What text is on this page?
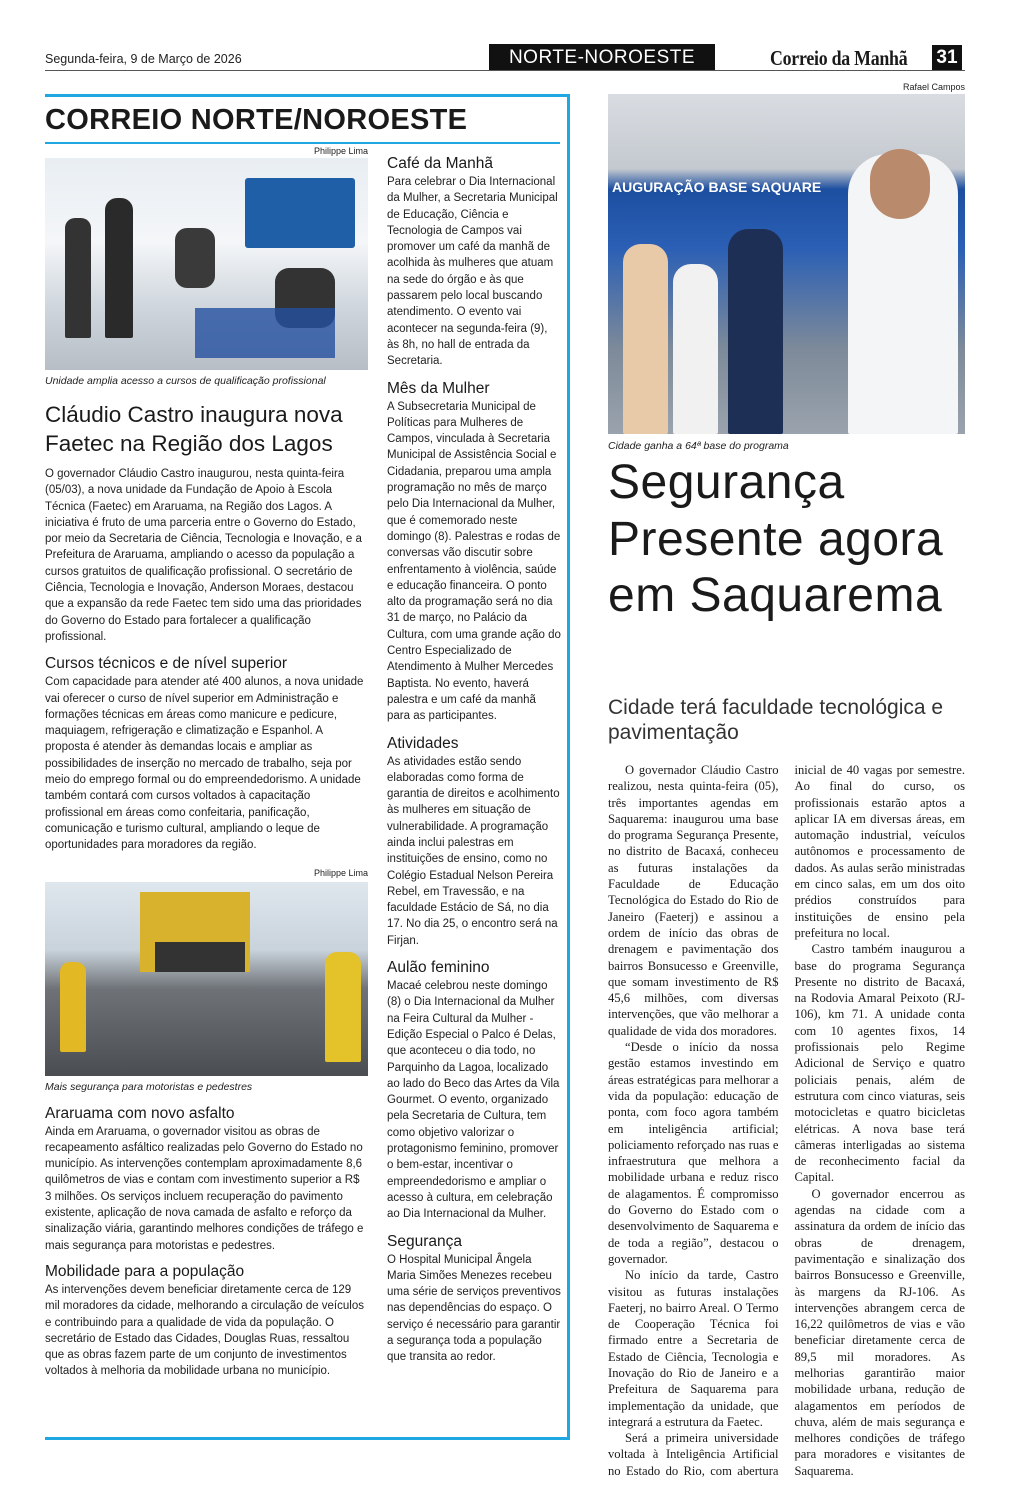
Segunda-feira, 9 de Março de 2026	NORTE-NOROESTE	Correio da Manhã 31
CORREIO NORTE/NOROESTE
Philippe Lima
Unidade amplia acesso a cursos de qualificação profissional
Cláudio Castro inaugura nova Faetec na Região dos Lagos

O governador Cláudio Castro inaugurou, nesta quinta-feira (05/03), a nova unidade da Fundação de Apoio à Escola Técnica (Faetec) em Araruama, na Região dos Lagos. A iniciativa é fruto de uma parceria entre o Governo do Estado, por meio da Secretaria de Ciência, Tecnologia e Inovação, e a Prefeitura de Araruama, ampliando o acesso da população a cursos gratuitos de qualificação profissional. O secretário de Ciência, Tecnologia e Inovação, Anderson Moraes, destacou que a expansão da rede Faetec tem sido uma das prioridades do Governo do Estado para fortalecer a qualificação profissional.

Cursos técnicos e de nível superior

Com capacidade para atender até 400 alunos, a nova unidade vai oferecer o curso de nível superior em Administração e formações técnicas em áreas como manicure e pedicure, maquiagem, refrigeração e climatização e Espanhol. A proposta é atender às demandas locais e ampliar as possibilidades de inserção no mercado de trabalho, seja por meio do emprego formal ou do empreendedorismo. A unidade também contará com cursos voltados à capacitação profissional em áreas como confeitaria, panificação, comunicação e turismo cultural, ampliando o leque de oportunidades para moradores da região.

Philippe Lima
Mais segurança para motoristas e pedestres
Araruama com novo asfalto

Ainda em Araruama, o governador visitou as obras de recapeamento asfáltico realizadas pelo Governo do Estado no município. As intervenções contemplam aproximadamente 8,6 quilômetros de vias e contam com investimento superior a R$ 3 milhões. Os serviços incluem recuperação do pavimento existente, aplicação de nova camada de asfalto e reforço da sinalização viária, garantindo melhores condições de tráfego e mais segurança para motoristas e pedestres.

Mobilidade para a população

As intervenções devem beneficiar diretamente cerca de 129 mil moradores da cidade, melhorando a circulação de veículos e contribuindo para a qualidade de vida da população. O secretário de Estado das Cidades, Douglas Ruas, ressaltou que as obras fazem parte de um conjunto de investimentos voltados à melhoria da mobilidade urbana no município.

Café da Manhã

Para celebrar o Dia Internacional da Mulher, a Secretaria Municipal de Educação, Ciência e Tecnologia de Campos vai promover um café da manhã de acolhida às mulheres que atuam na sede do órgão e às que passarem pelo local buscando atendimento. O evento vai acontecer na segunda-feira (9), às 8h, no hall de entrada da Secretaria.

Mês da Mulher

A Subsecretaria Municipal de Políticas para Mulheres de Campos, vinculada à Secretaria Municipal de Assistência Social e Cidadania, preparou uma ampla programação no mês de março pelo Dia Internacional da Mulher, que é comemorado neste domingo (8). Palestras e rodas de conversas vão discutir sobre enfrentamento à violência, saúde e educação financeira. O ponto alto da programação será no dia 31 de março, no Palácio da Cultura, com uma grande ação do Centro Especializado de Atendimento à Mulher Mercedes Baptista. No evento, haverá palestra e um café da manhã para as participantes.

Atividades

As atividades estão sendo elaboradas como forma de garantia de direitos e acolhimento às mulheres em situação de vulnerabilidade. A programação ainda inclui palestras em instituições de ensino, como no Colégio Estadual Nelson Pereira Rebel, em Travessão, e na faculdade Estácio de Sá, no dia 17. No dia 25, o encontro será na Firjan.

Aulão feminino

Macaé celebrou neste domingo (8) o Dia Internacional da Mulher na Feira Cultural da Mulher - Edição Especial o Palco é Delas, que aconteceu o dia todo, no Parquinho da Lagoa, localizado ao lado do Beco das Artes da Vila Gourmet. O evento, organizado pela Secretaria de Cultura, tem como objetivo valorizar o protagonismo feminino, promover o bem-estar, incentivar o empreendedorismo e ampliar o acesso à cultura, em celebração ao Dia Internacional da Mulher.

Segurança

O Hospital Municipal Ângela Maria Simões Menezes recebeu uma série de serviços preventivos nas dependências do espaço. O serviço é necessário para garantir a segurança toda a população que transita ao redor.

Rafael Campos
AUGURAÇÃO BASE SAQUARE
Cidade ganha a 64ª base do programa
Segurança Presente agora em Saquarema
Cidade terá faculdade tecnológica e pavimentação

O governador Cláudio Castro realizou, nesta quinta-feira (05), três importantes agendas em Saquarema: inaugurou uma base do programa Segurança Presente, no distrito de Bacaxá, conheceu as futuras instalações da Faculdade de Educação Tecnológica do Estado do Rio de Janeiro (Faeterj) e assinou a ordem de início das obras de drenagem e pavimentação dos bairros Bonsucesso e Greenville, que somam investimento de R$ 45,6 milhões, com diversas intervenções, que vão melhorar a qualidade de vida dos moradores.

“Desde o início da nossa gestão estamos investindo em áreas estratégicas para melhorar a vida da população: educação de ponta, com foco agora também em inteligência artificial; policiamento reforçado nas ruas e infraestrutura que melhora a mobilidade urbana e reduz risco de alagamentos. É compromisso do Governo do Estado com o desenvolvimento de Saquarema e de toda a região”, destacou o governador.

No início da tarde, Castro visitou as futuras instalações Faeterj, no bairro Areal. O Termo de Cooperação Técnica foi firmado entre a Secretaria de Estado de Ciência, Tecnologia e Inovação do Rio de Janeiro e a Prefeitura de Saquarema para implementação da unidade, que integrará a estrutura da Faetec.

Será a primeira universidade voltada à Inteligência Artificial no Estado do Rio, com abertura inicial de 40 vagas por semestre. Ao final do curso, os profissionais estarão aptos a aplicar IA em diversas áreas, em automação industrial, veículos autônomos e processamento de dados. As aulas serão ministradas em cinco salas, em um dos oito prédios construídos para instituições de ensino pela prefeitura no local.

Castro também inaugurou a base do programa Segurança Presente no distrito de Bacaxá, na Rodovia Amaral Peixoto (RJ-106), km 71. A unidade conta com 10 agentes fixos, 14 profissionais pelo Regime Adicional de Serviço e quatro policiais penais, além de estrutura com cinco viaturas, seis motocicletas e quatro bicicletas elétricas. A nova base terá câmeras interligadas ao sistema de reconhecimento facial da Capital.

O governador encerrou as agendas na cidade com a assinatura da ordem de início das obras de drenagem, pavimentação e sinalização dos bairros Bonsucesso e Greenville, às margens da RJ-106. As intervenções abrangem cerca de 16,22 quilômetros de vias e vão beneficiar diretamente cerca de 89,5 mil moradores. As melhorias garantirão maior mobilidade urbana, redução de alagamentos em períodos de chuva, além de mais segurança e melhores condições de tráfego para moradores e visitantes de Saquarema.
